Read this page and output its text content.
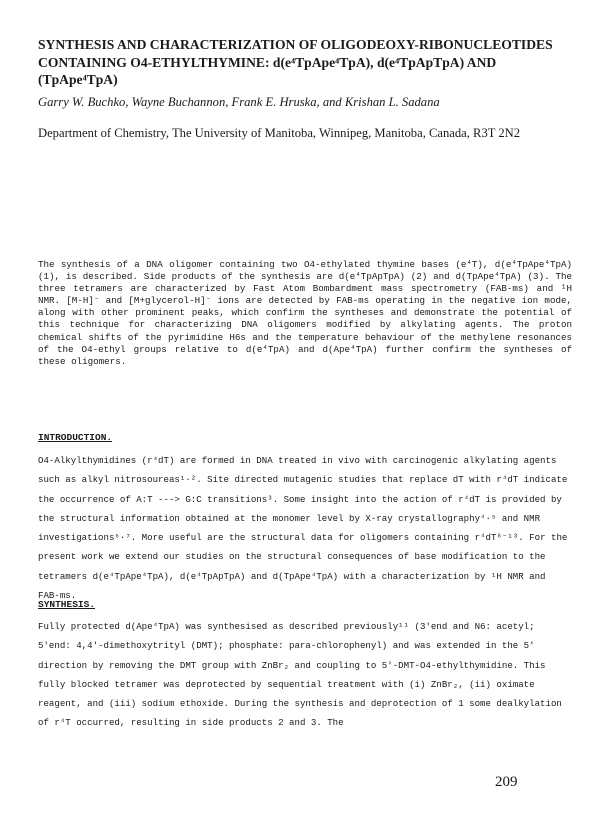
SYNTHESIS AND CHARACTERIZATION OF OLIGODEOXY-RIBONUCLEOTIDES CONTAINING O4-ETHYLTHYMINE: d(e⁴TpApe⁴TpA), d(e⁴TpApTpA) AND (TpApe⁴TpA)

Garry W. Buchko, Wayne Buchannon, Frank E. Hruska, and Krishan L. Sadana

Department of Chemistry, The University of Manitoba, Winnipeg, Manitoba, Canada, R3T 2N2

The synthesis of a DNA oligomer containing two O4-ethylated thymine bases (e⁴T), d(e⁴TpApe⁴TpA) (1), is described. Side products of the synthesis are d(e⁴TpApTpA) (2) and d(TpApe⁴TpA) (3). The three tetramers are characterized by Fast Atom Bombardment mass spectrometry (FAB-ms) and ¹H NMR. [M-H]⁻ and [M+glycerol-H]⁻ ions are detected by FAB-ms operating in the negative ion mode, along with other prominent peaks, which confirm the syntheses and demonstrate the potential of this technique for characterizing DNA oligomers modified by alkylating agents. The proton chemical shifts of the pyrimidine H6s and the temperature behaviour of the methylene resonances of the O4-ethyl groups relative to d(e⁴TpA) and d(Ape⁴TpA) further confirm the syntheses of these oligomers.

INTRODUCTION.

O4-Alkylthymidines (r⁴dT) are formed in DNA treated in vivo with carcinogenic alkylating agents such as alkyl nitrosoureas¹·². Site directed mutagenic studies that replace dT with r⁴dT indicate the occurrence of A:T ---> G:C transitions³. Some insight into the action of r⁴dT is provided by the structural information obtained at the monomer level by X-ray crystallography⁴·⁵ and NMR investigations⁶·⁷. More useful are the structural data for oligomers containing r⁴dT⁸⁻¹³. For the present work we extend our studies on the structural consequences of base modification to the tetramers d(e⁴TpApe⁴TpA), d(e⁴TpApTpA) and d(TpApe⁴TpA) with a characterization by ¹H NMR and FAB-ms.

SYNTHESIS.

Fully protected d(Ape⁴TpA) was synthesised as described previously¹¹ (3'end and N6: acetyl; 5'end: 4,4'-dimethoxytrityl (DMT); phosphate: para-chlorophenyl) and was extended in the 5' direction by removing the DMT group with ZnBr₂ and coupling to 5'-DMT-O4-ethylthymidine. This fully blocked tetramer was deprotected by sequential treatment with (i) ZnBr₂, (ii) oximate reagent, and (iii) sodium ethoxide. During the synthesis and deprotection of 1 some dealkylation of r⁴T occurred, resulting in side products 2 and 3. The

209
